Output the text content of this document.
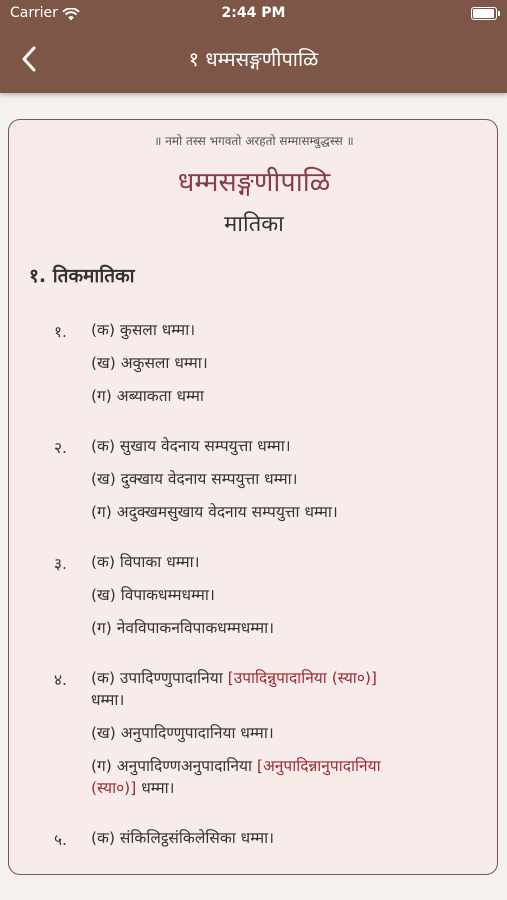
Carrier	2:44 PM
१ धम्मसङ्गणीपाळि
॥ नमो तस्स भगवतो अरहतो सम्मासम्बुद्धस्स ॥
धम्मसङ्गणीपाळि
मातिका
१. तिकमातिका
१. (क) कुसला धम्मा।
(ख) अकुसला धम्मा।
(ग) अब्याकता धम्मा
२. (क) सुखाय वेदनाय सम्पयुत्ता धम्मा।
(ख) दुक्खाय वेदनाय सम्पयुत्ता धम्मा।
(ग) अदुक्खमसुखाय वेदनाय सम्पयुत्ता धम्मा।
३. (क) विपाका धम्मा।
(ख) विपाकधम्मधम्मा।
(ग) नेवविपाकनविपाकधम्मधम्मा।
४. (क) उपादिण्णुपादानिया [उपादिन्नुपादानिया (स्या०)]
धम्मा।
(ख) अनुपादिण्णुपादानिया धम्मा।
(ग) अनुपादिण्णअनुपादानिया [अनुपादिन्नानुपादानिया
(स्या०)] धम्मा।
५. (क) संकिलिट्ठसंकिलेसिका धम्मा।
